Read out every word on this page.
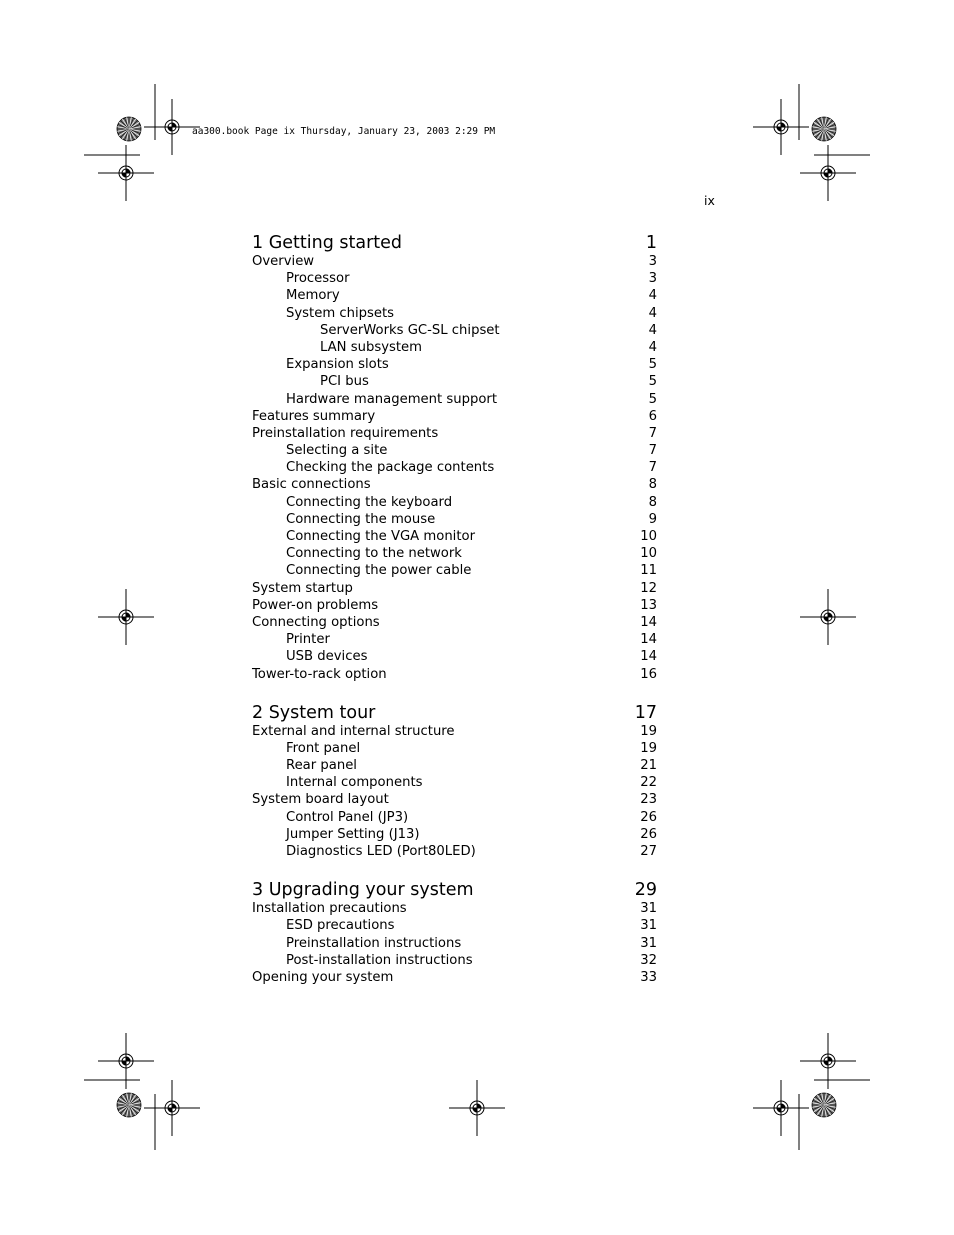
aa300.book Page ix Thursday, January 23, 2003 2:29 PM
ix
1 Getting started	1
Overview	3
Processor	3
Memory	4
System chipsets	4
ServerWorks GC-SL chipset	4
LAN subsystem	4
Expansion slots	5
PCI bus	5
Hardware management support	5
Features summary	6
Preinstallation requirements	7
Selecting a site	7
Checking the package contents	7
Basic connections	8
Connecting the keyboard	8
Connecting the mouse	9
Connecting the VGA monitor	10
Connecting to the network	10
Connecting the power cable	11
System startup	12
Power-on problems	13
Connecting options	14
Printer	14
USB devices	14
Tower-to-rack option	16
2 System tour	17
External and internal structure	19
Front panel	19
Rear panel	21
Internal components	22
System board layout	23
Control Panel (JP3)	26
Jumper Setting (J13)	26
Diagnostics LED (Port80LED)	27
3 Upgrading your system	29
Installation precautions	31
ESD precautions	31
Preinstallation instructions	31
Post-installation instructions	32
Opening your system	33
